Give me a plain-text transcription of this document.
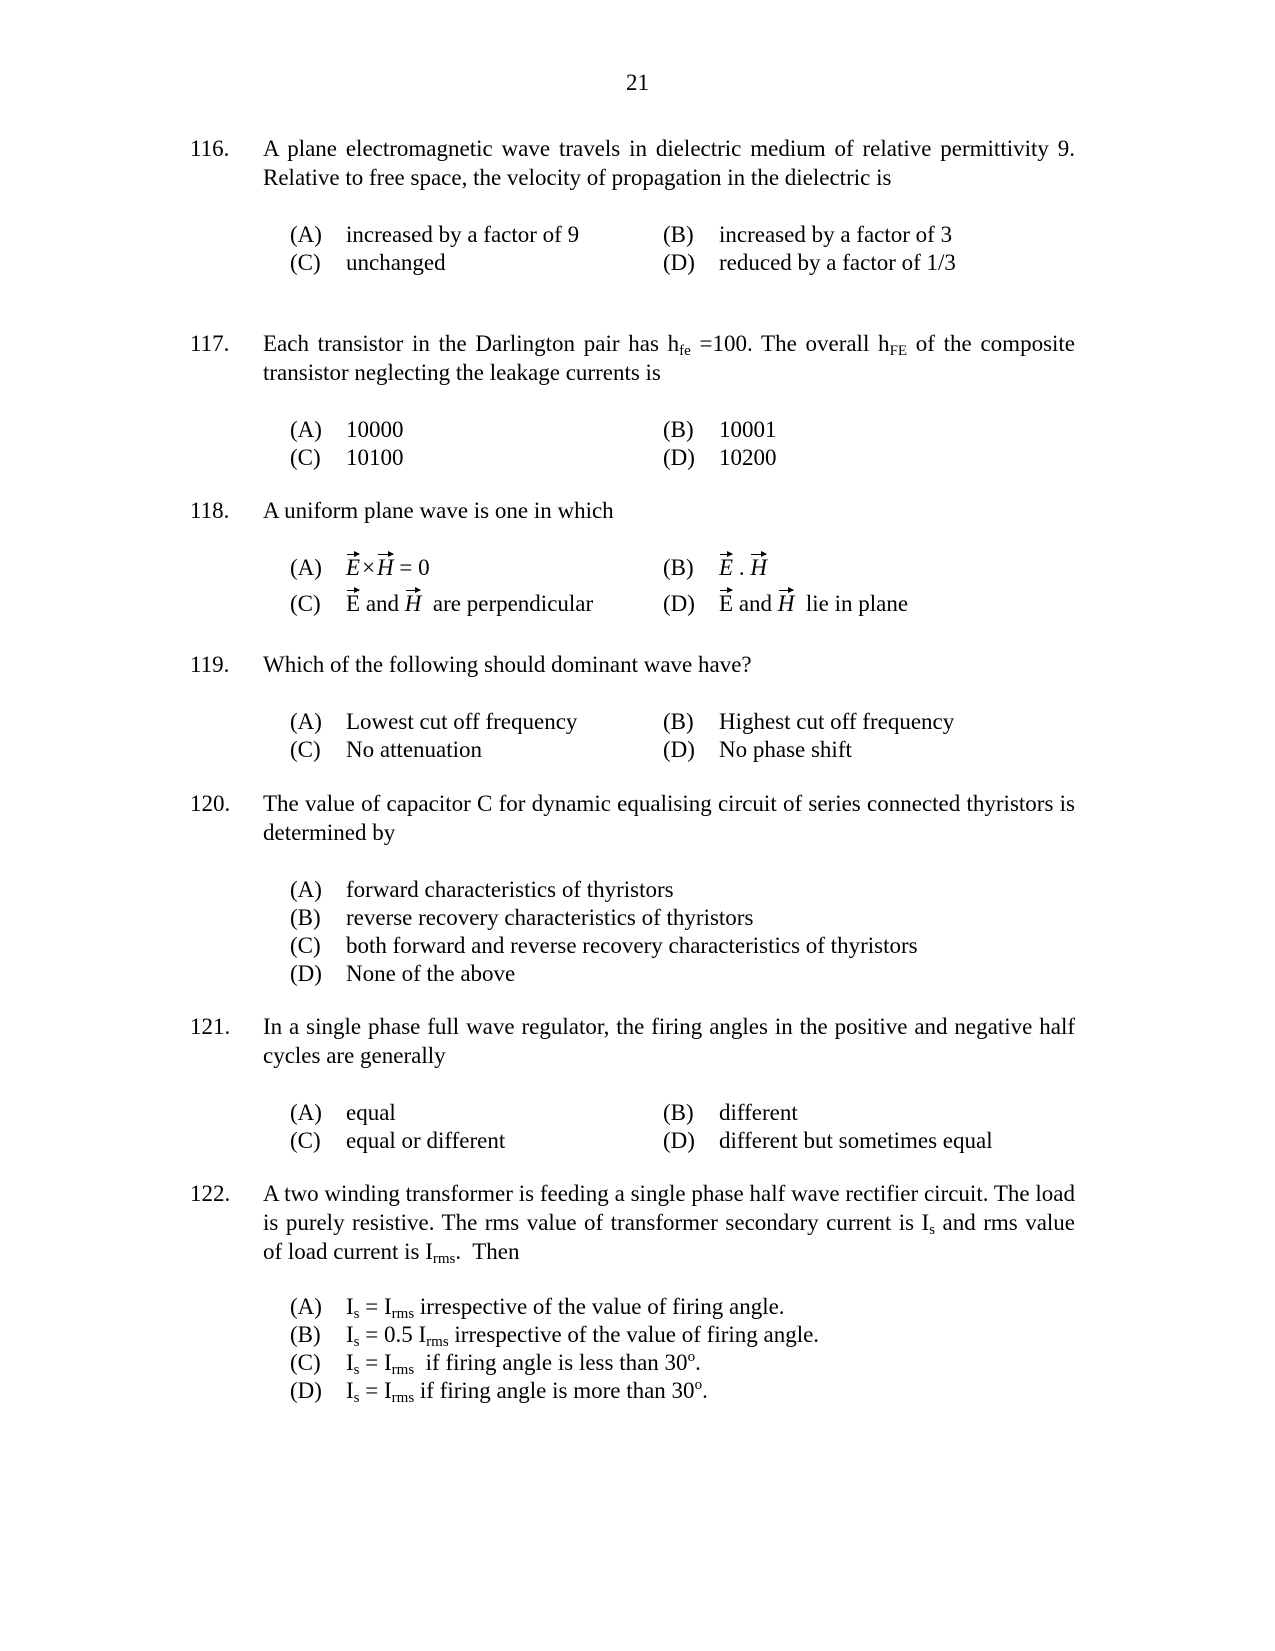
21
116. A plane electromagnetic wave travels in dielectric medium of relative permittivity 9. Relative to free space, the velocity of propagation in the dielectric is
(A) increased by a factor of 9	(B) increased by a factor of 3
(C) unchanged	(D) reduced by a factor of 1/3
117. Each transistor in the Darlington pair has $h_{fe} =100$. The overall $h_{FE}$ of the composite transistor neglecting the leakage currents is
(A) 10000	(B) 10001
(C) 10100	(D) 10200
118. A uniform plane wave is one in which
(A) E×H = 0	(B) E . H
(C) E and H  are perpendicular	(D) E and H  lie in plane
119. Which of the following should dominant wave have?
(A) Lowest cut off frequency	(B) Highest cut off frequency
(C) No attenuation	(D) No phase shift
120. The value of capacitor C for dynamic equalising circuit of series connected thyristors is determined by
(A) forward characteristics of thyristors
(B) reverse recovery characteristics of thyristors
(C) both forward and reverse recovery characteristics of thyristors
(D) None of the above
121. In a single phase full wave regulator, the firing angles in the positive and negative half cycles are generally
(A) equal	(B) different
(C) equal or different	(D) different but sometimes equal
122. A two winding transformer is feeding a single phase half wave rectifier circuit. The load is purely resistive. The rms value of transformer secondary current is $I_s$ and rms value of load current is $I_{rms}$.  Then
(A) $I_s = I_{rms}$ irrespective of the value of firing angle.
(B) $I_s = 0.5$ $I_{rms}$ irrespective of the value of firing angle.
(C) $I_s = I_{rms}$  if firing angle is less than 30$^o$.
(D) $I_s = I_{rms}$ if firing angle is more than 30$^o$.
